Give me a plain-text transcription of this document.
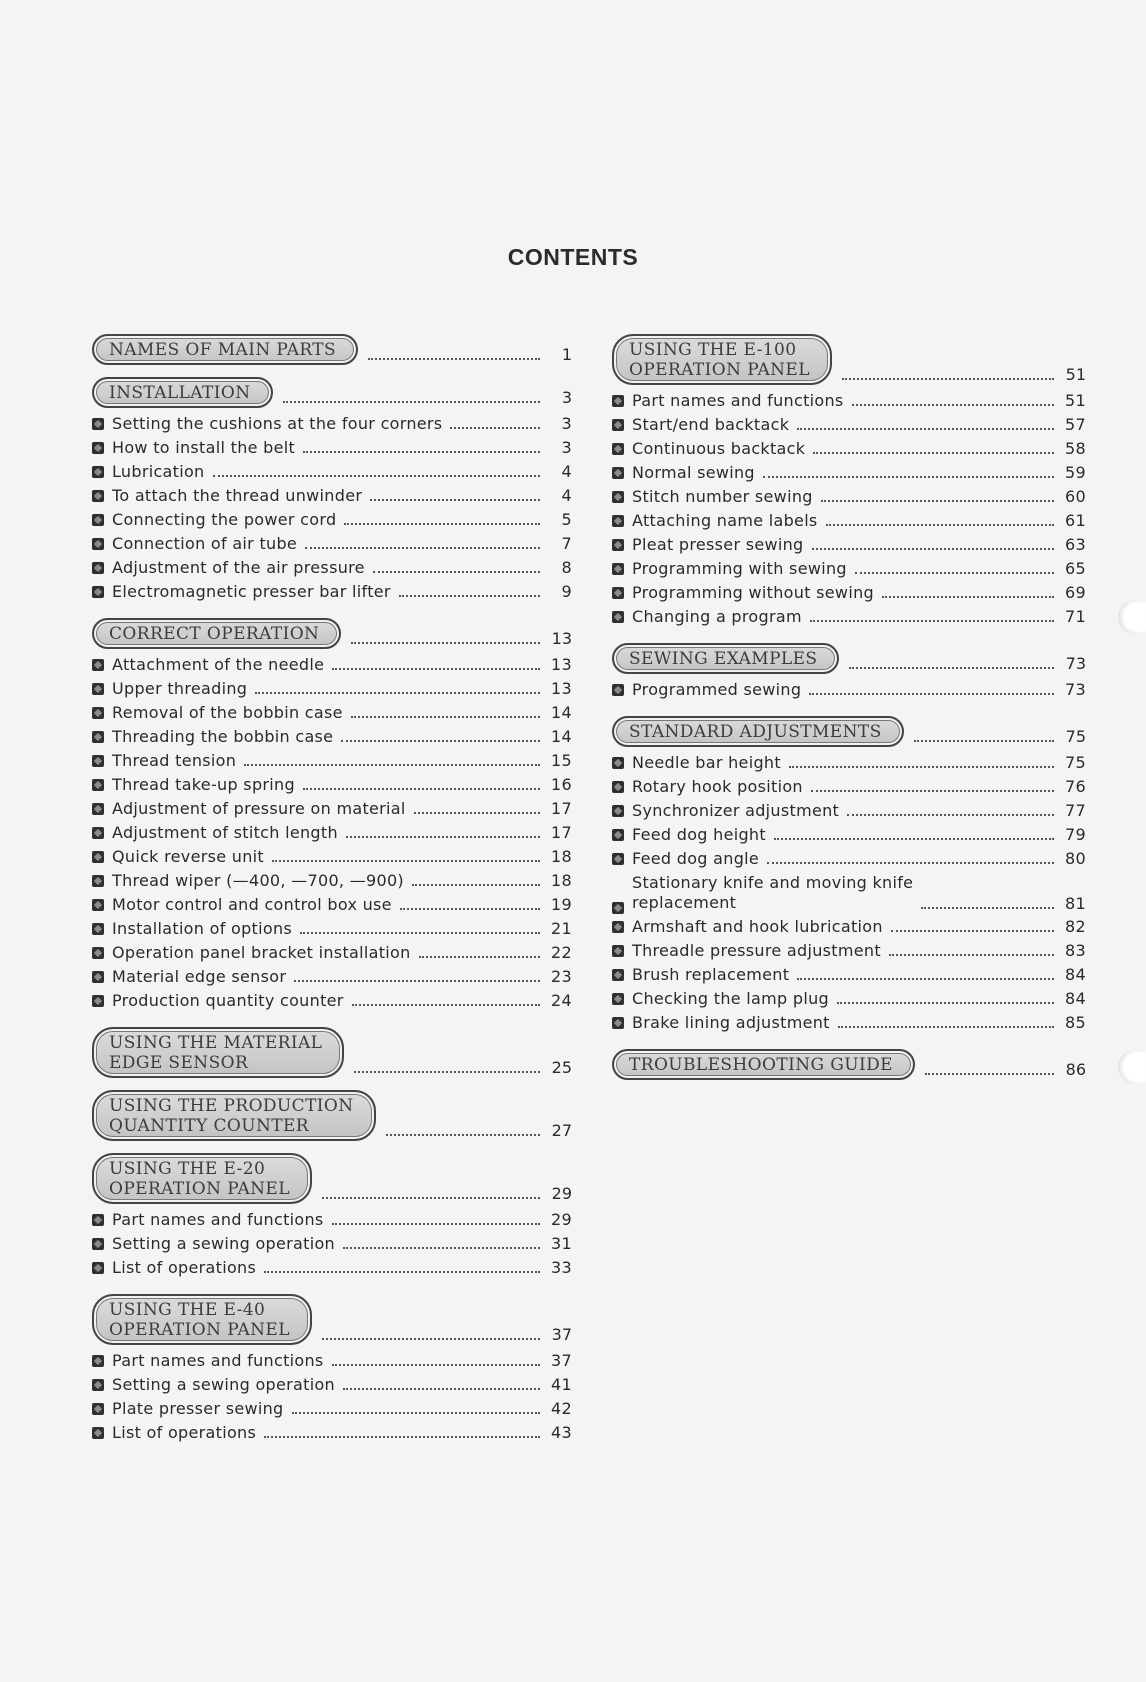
CONTENTS
NAMES OF MAIN PARTS	1
INSTALLATION	3
Setting the cushions at the four corners	3
How to install the belt	3
Lubrication	4
To attach the thread unwinder	4
Connecting the power cord	5
Connection of air tube	7
Adjustment of the air pressure	8
Electromagnetic presser bar lifter	9
CORRECT OPERATION	13
Attachment of the needle	13
Upper threading	13
Removal of the bobbin case	14
Threading the bobbin case	14
Thread tension	15
Thread take-up spring	16
Adjustment of pressure on material	17
Adjustment of stitch length	17
Quick reverse unit	18
Thread wiper (—400, —700, —900)	18
Motor control and control box use	19
Installation of options	21
Operation panel bracket installation	22
Material edge sensor	23
Production quantity counter	24
USING THE MATERIAL
EDGE SENSOR	25
USING THE PRODUCTION
QUANTITY COUNTER	27
USING THE E-20
OPERATION PANEL	29
Part names and functions	29
Setting a sewing operation	31
List of operations	33
USING THE E-40
OPERATION PANEL	37
Part names and functions	37
Setting a sewing operation	41
Plate presser sewing	42
List of operations	43
USING THE E-100
OPERATION PANEL	51
Part names and functions	51
Start/end backtack	57
Continuous backtack	58
Normal sewing	59
Stitch number sewing	60
Attaching name labels	61
Pleat presser sewing	63
Programming with sewing	65
Programming without sewing	69
Changing a program	71
SEWING EXAMPLES	73
Programmed sewing	73
STANDARD ADJUSTMENTS	75
Needle bar height	75
Rotary hook position	76
Synchronizer adjustment	77
Feed dog height	79
Feed dog angle	80
Stationary knife and moving knife
replacement	81
Armshaft and hook lubrication	82
Threadle pressure adjustment	83
Brush replacement	84
Checking the lamp plug	84
Brake lining adjustment	85
TROUBLESHOOTING GUIDE	86
